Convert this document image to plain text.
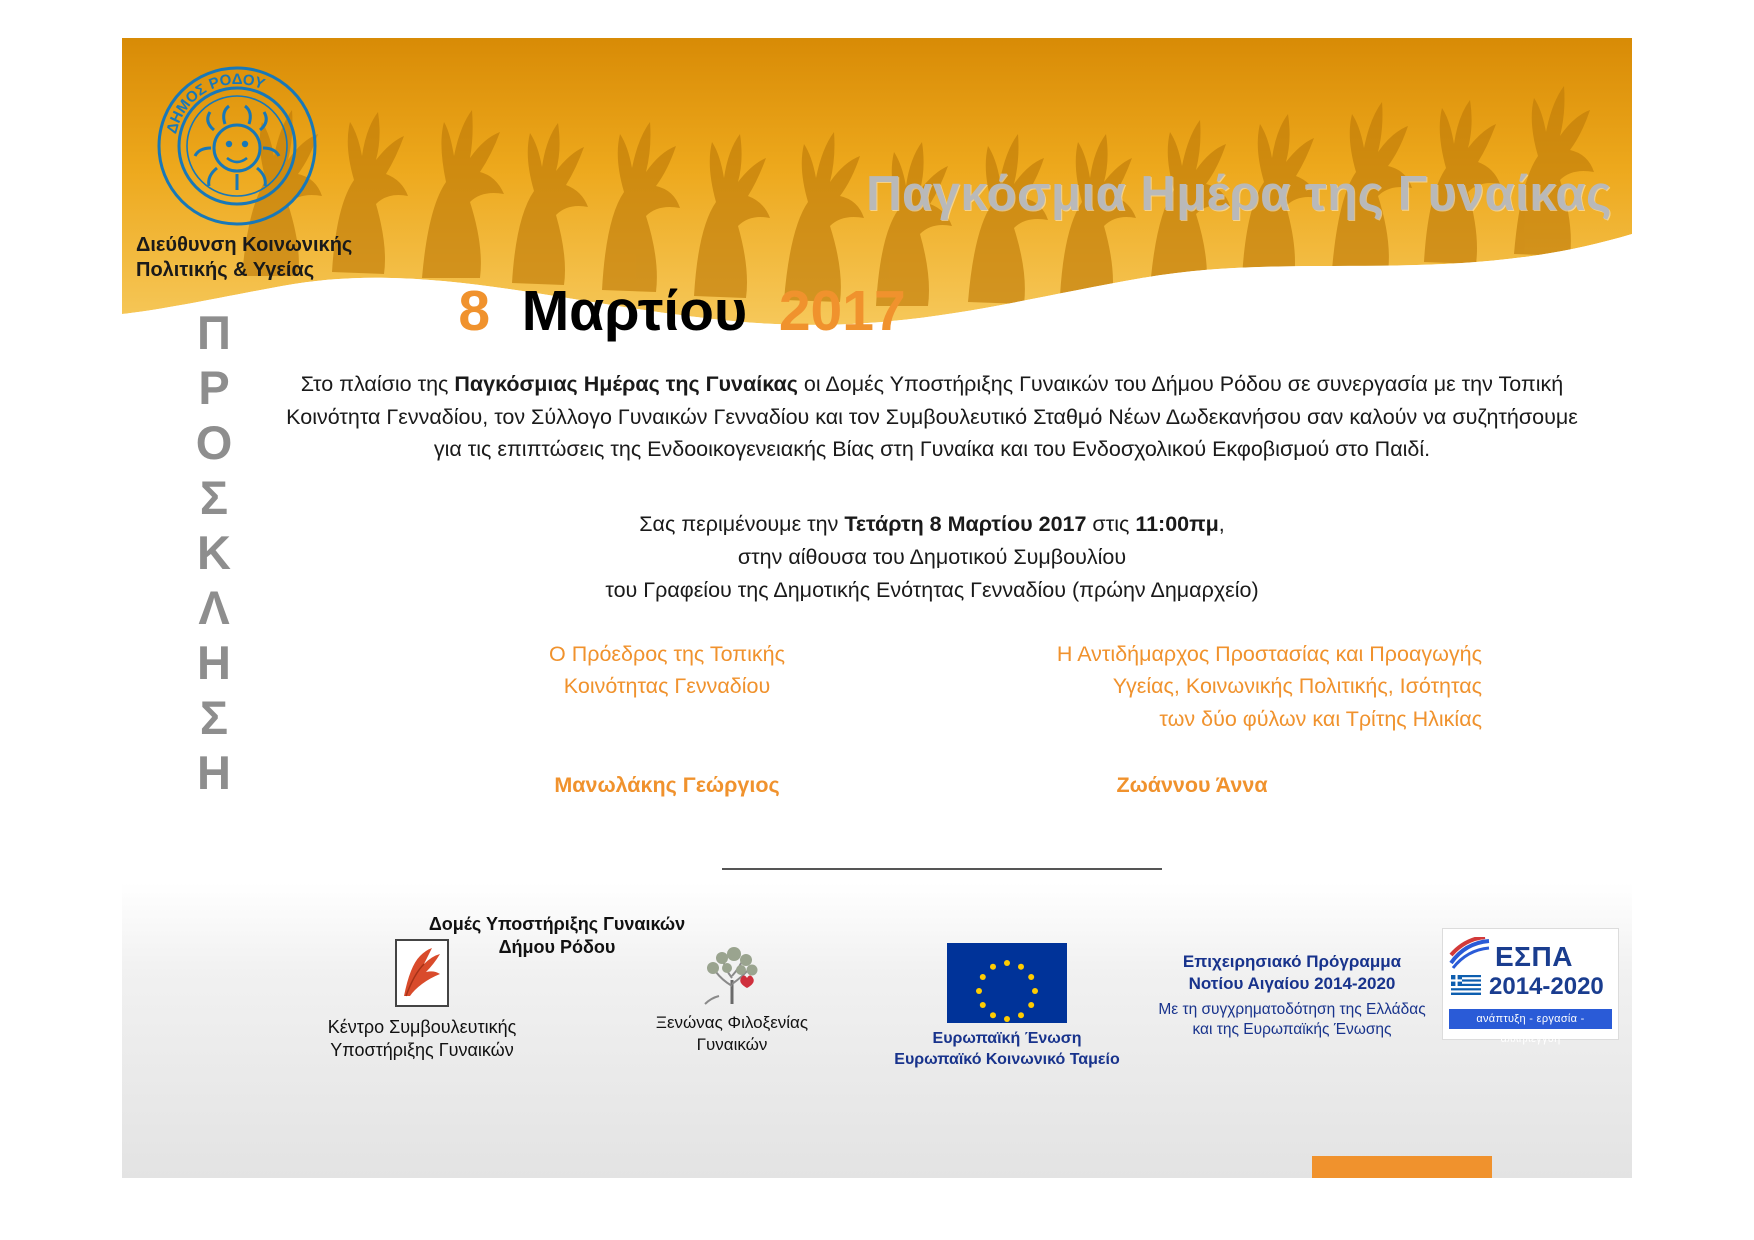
ΔΗΜΟΣ ΡΟΔΟΥ
Διεύθυνση Κοινωνικής
Πολιτικής & Υγείας
Παγκόσμια Ημέρα της Γυναίκας
Π
Ρ
Ο
Σ
Κ
Λ
Η
Σ
Η
8 Μαρτίου 2017

Στο πλαίσιο της Παγκόσμιας Ημέρας της Γυναίκας οι Δομές Υποστήριξης Γυναικών του Δήμου Ρόδου σε συνεργασία με την Τοπική Κοινότητα Γενναδίου, τον Σύλλογο Γυναικών Γενναδίου και τον Συμβουλευτικό Σταθμό Νέων Δωδεκανήσου σαν καλούν να συζητήσουμε για τις επιπτώσεις της Ενδοοικογενειακής Βίας στη Γυναίκα και του Ενδοσχολικού Εκφοβισμού στο Παιδί.

Σας περιμένουμε την Τετάρτη 8 Μαρτίου 2017 στις 11:00πμ,
στην αίθουσα του Δημοτικού Συμβουλίου
του Γραφείου της Δημοτικής Ενότητας Γενναδίου (πρώην Δημαρχείο)

Ο Πρόεδρος της Τοπικής
Κοινότητας Γενναδίου
Η Αντιδήμαρχος Προστασίας και Προαγωγής
Υγείας, Κοινωνικής Πολιτικής, Ισότητας
των δύο φύλων και Τρίτης Ηλικίας
Μανωλάκης Γεώργιος	Ζωάννου Άννα
Δομές Υποστήριξης Γυναικών
Δήμου Ρόδου
Κέντρο Συμβουλευτικής
Υποστήριξης Γυναικών
Ξενώνας Φιλοξενίας
Γυναικών	Ευρωπαϊκή Ένωση
Ευρωπαϊκό Κοινωνικό Ταμείο
Επιχειρησιακό Πρόγραμμα
Νοτίου Αιγαίου 2014-2020
Με τη συγχρηματοδότηση της Ελλάδας
και της Ευρωπαϊκής Ένωσης
ΕΣΠΑ
2014-2020
ανάπτυξη - εργασία - αλληλεγγύη
